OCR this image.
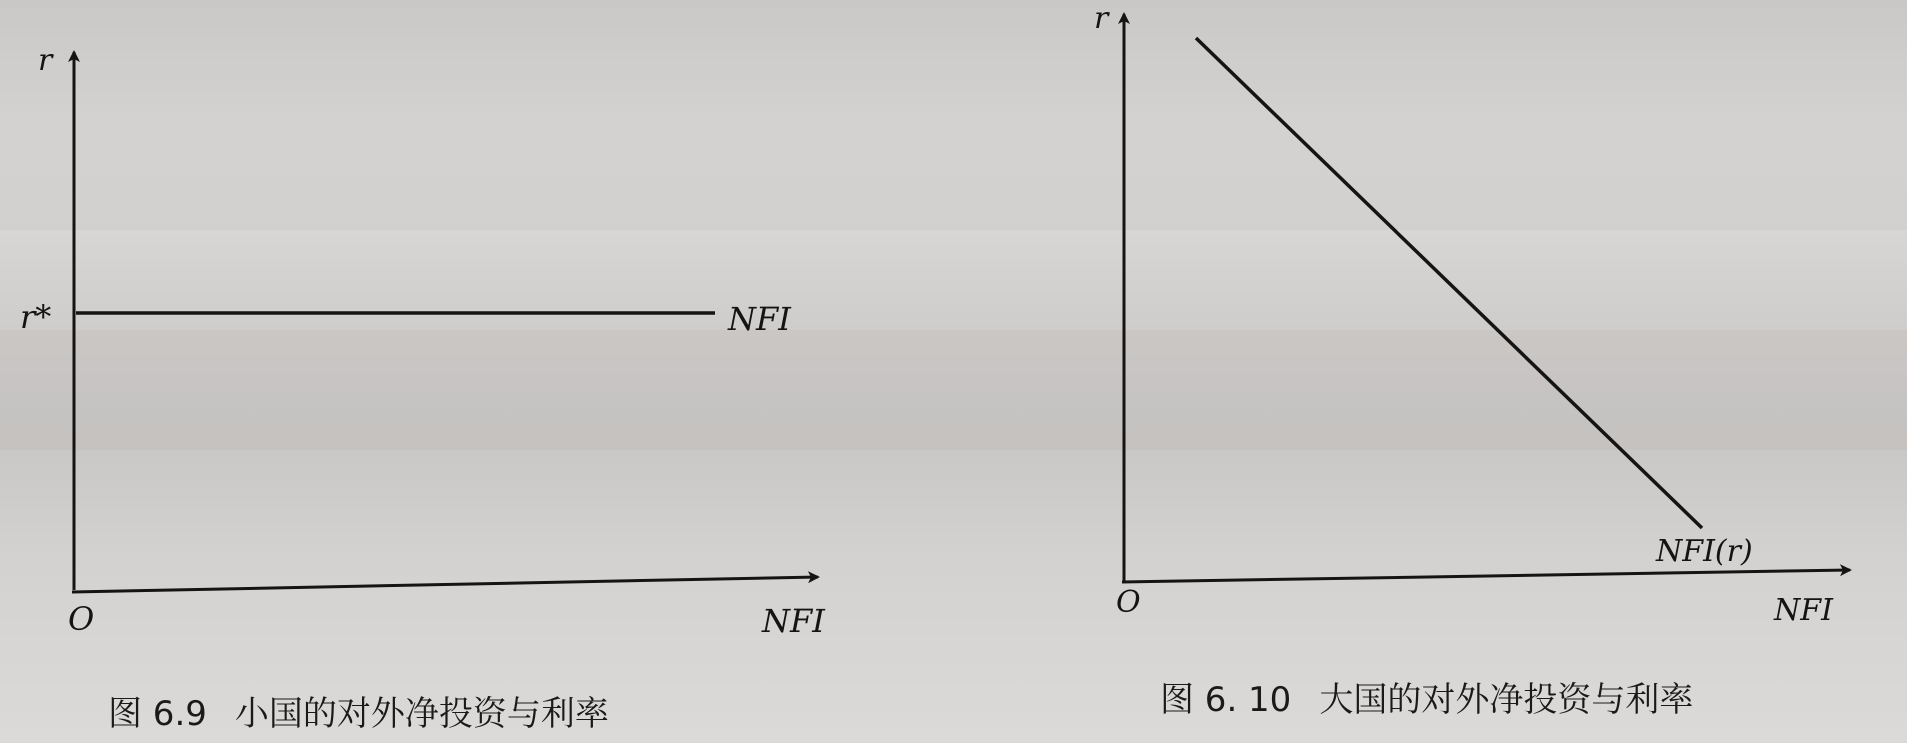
r
r*	NFI
O	NFI
r
NFI(r)
O	NFI
图 6.9 小国的对外净投资与利率	图 6. 10 大国的对外净投资与利率
